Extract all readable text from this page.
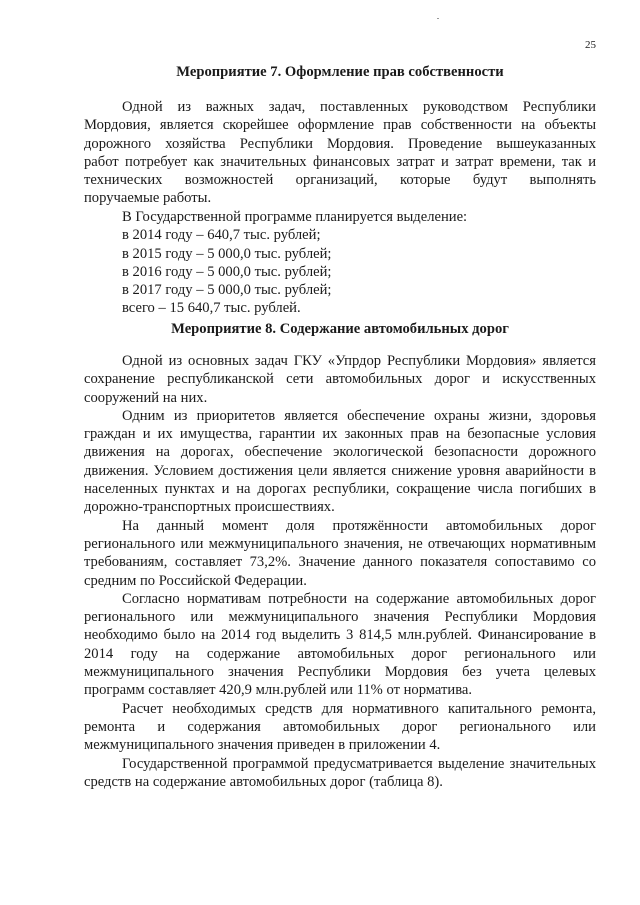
25
Мероприятие 7. Оформление прав собственности

Одной из важных задач, поставленных руководством Республики

Мордовия, является скорейшее оформление прав собственности на объекты

дорожного хозяйства Республики Мордовия. Проведение вышеуказанных

работ потребует как значительных финансовых затрат и затрат времени, так и

технических возможностей организаций, которые будут выполнять

поручаемые работы.

В Государственной программе планируется выделение:

в 2014 году – 640,7 тыс. рублей;

в 2015 году – 5 000,0 тыс. рублей;

в 2016 году – 5 000,0 тыс. рублей;

в 2017 году – 5 000,0 тыс. рублей;

всего – 15 640,7 тыс. рублей.

Мероприятие 8. Содержание автомобильных дорог

Одной из основных задач ГКУ «Упрдор Республики Мордовия» является сохранение республиканской сети автомобильных дорог и искусственных сооружений на них.

Одним из приоритетов является обеспечение охраны жизни, здоровья граждан и их имущества, гарантии их законных прав на безопасные условия движения на дорогах, обеспечение экологической безопасности дорожного движения. Условием достижения цели является снижение уровня аварийности в населенных пунктах и на дорогах республики, сокращение числа погибших в дорожно-транспортных происшествиях.

На данный момент доля протяжённости автомобильных дорог регионального или межмуниципального значения, не отвечающих нормативным требованиям, составляет 73,2%. Значение данного показателя сопоставимо со средним по Российской Федерации.

Согласно нормативам потребности на содержание автомобильных дорог регионального или межмуниципального значения Республики Мордовия необходимо было на 2014 год выделить 3 814,5 млн.рублей. Финансирование в 2014 году на содержание автомобильных дорог регионального или межмуниципального значения Республики Мордовия без учета целевых программ составляет 420,9 млн.рублей или 11% от норматива.

Расчет необходимых средств для нормативного капитального ремонта, ремонта и содержания автомобильных дорог регионального или межмуниципального значения приведен в приложении 4.

Государственной программой предусматривается выделение значительных средств на содержание автомобильных дорог (таблица 8).
